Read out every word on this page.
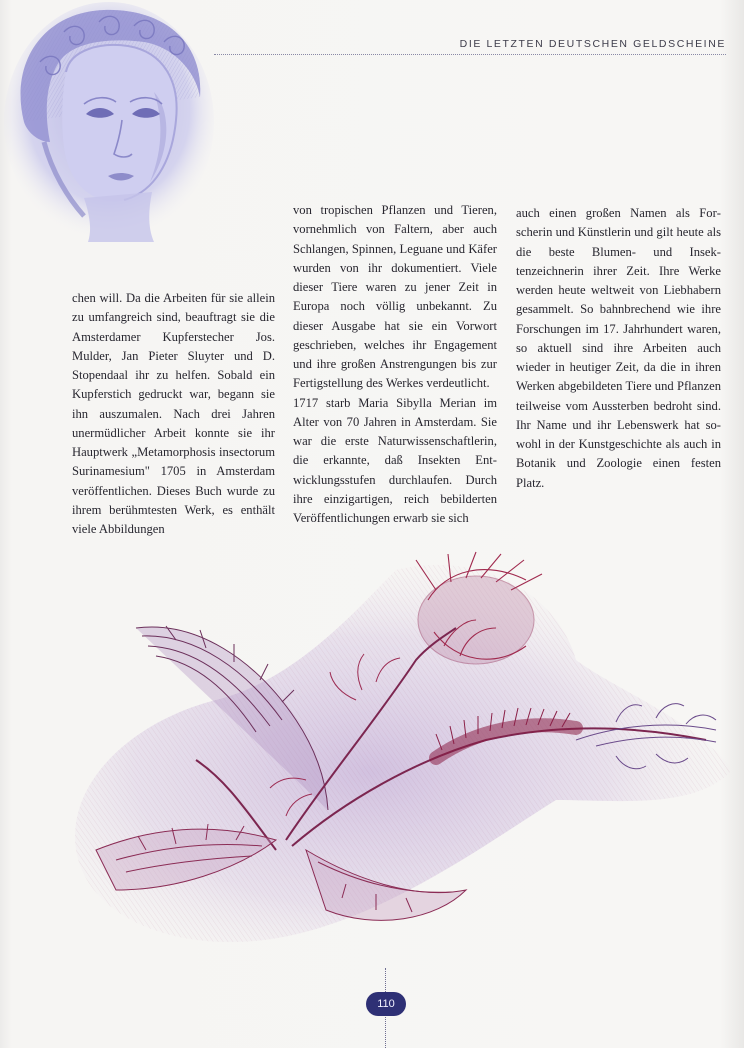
DIE LETZTEN DEUTSCHEN GELDSCHEINE

chen will. Da die Arbeiten für sie allein zu umfangreich sind, beauftragt sie die Amsterdamer Kupferstecher Jos. Mulder, Jan Pieter Sluyter und D. Stopendaal ihr zu helfen. Sobald ein Kupferstich gedruckt war, begann sie ihn auszumalen. Nach drei Jahren unermüdlicher Arbeit konnte sie ihr Hauptwerk „Metamorphosis insectorum Surinamesium" 1705 in Amsterdam veröffentlichen. Dieses Buch wurde zu ihrem berühmtesten Werk, es enthält viele Abbildungen

von tropischen Pflanzen und Tieren, vornehmlich von Faltern, aber auch Schlangen, Spinnen, Leguane und Käfer wurden von ihr dokumentiert. Viele dieser Tiere waren zu jener Zeit in Europa noch völlig unbekannt. Zu dieser Ausgabe hat sie ein Vorwort geschrieben, welches ihr Engagement und ihre großen Anstrengungen bis zur Fertigstellung des Werkes verdeutlicht.

1717 starb Maria Sibylla Merian im Alter von 70 Jahren in Amsterdam. Sie war die erste Naturwissenschaftlerin, die erkannte, daß Insekten Entwicklungsstufen durchlaufen. Durch ihre einzigartigen, reich bebilderten Veröffentlichungen erwarb sie sich

auch einen großen Namen als Forscherin und Künstlerin und gilt heute als die beste Blumen- und Insektenzeichnerin ihrer Zeit. Ihre Werke werden heute weltweit von Liebhabern gesammelt. So bahnbrechend wie ihre Forschungen im 17. Jahrhundert waren, so aktuell sind ihre Arbeiten auch wieder in heutiger Zeit, da die in ihren Werken abgebildeten Tiere und Pflanzen teilweise vom Aussterben bedroht sind. Ihr Name und ihr Lebenswerk hat sowohl in der Kunstgeschichte als auch in Botanik und Zoologie einen festen Platz.

110
